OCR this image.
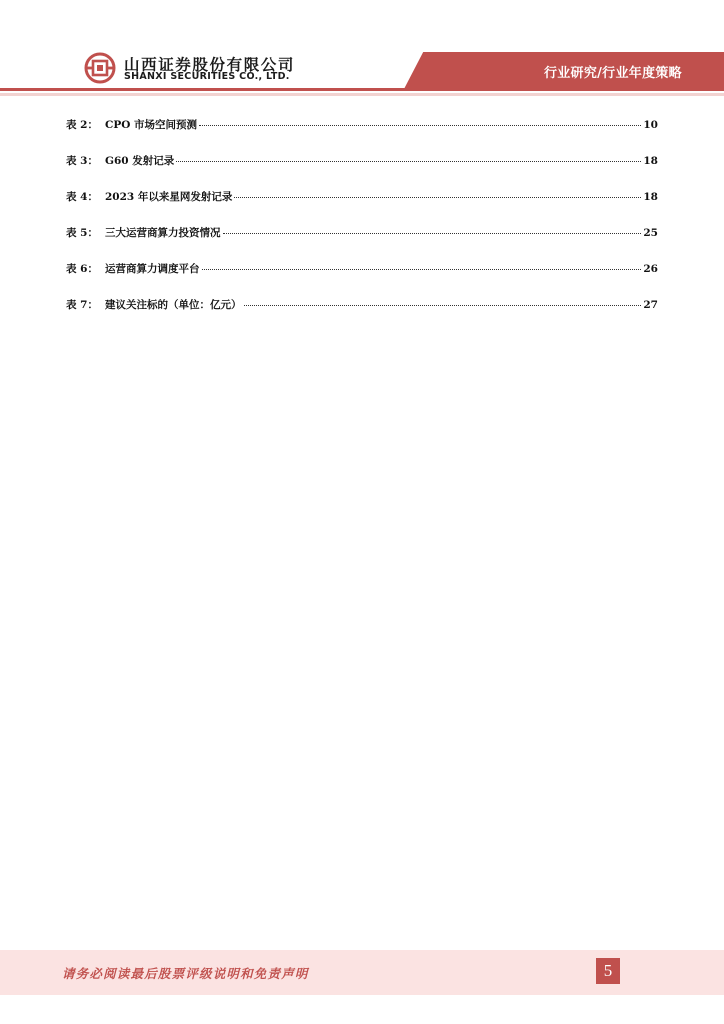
山西证券股份有限公司
SHANXI SECURITIES CO., LTD.	行业研究/行业年度策略
表 2： CPO 市场空间预测	10
表 3： G60 发射记录	18
表 4： 2023 年以来星网发射记录	18
表 5： 三大运营商算力投资情况	25
表 6： 运营商算力调度平台	26
表 7： 建议关注标的（单位：亿元）	27
请务必阅读最后股票评级说明和免责声明	5
